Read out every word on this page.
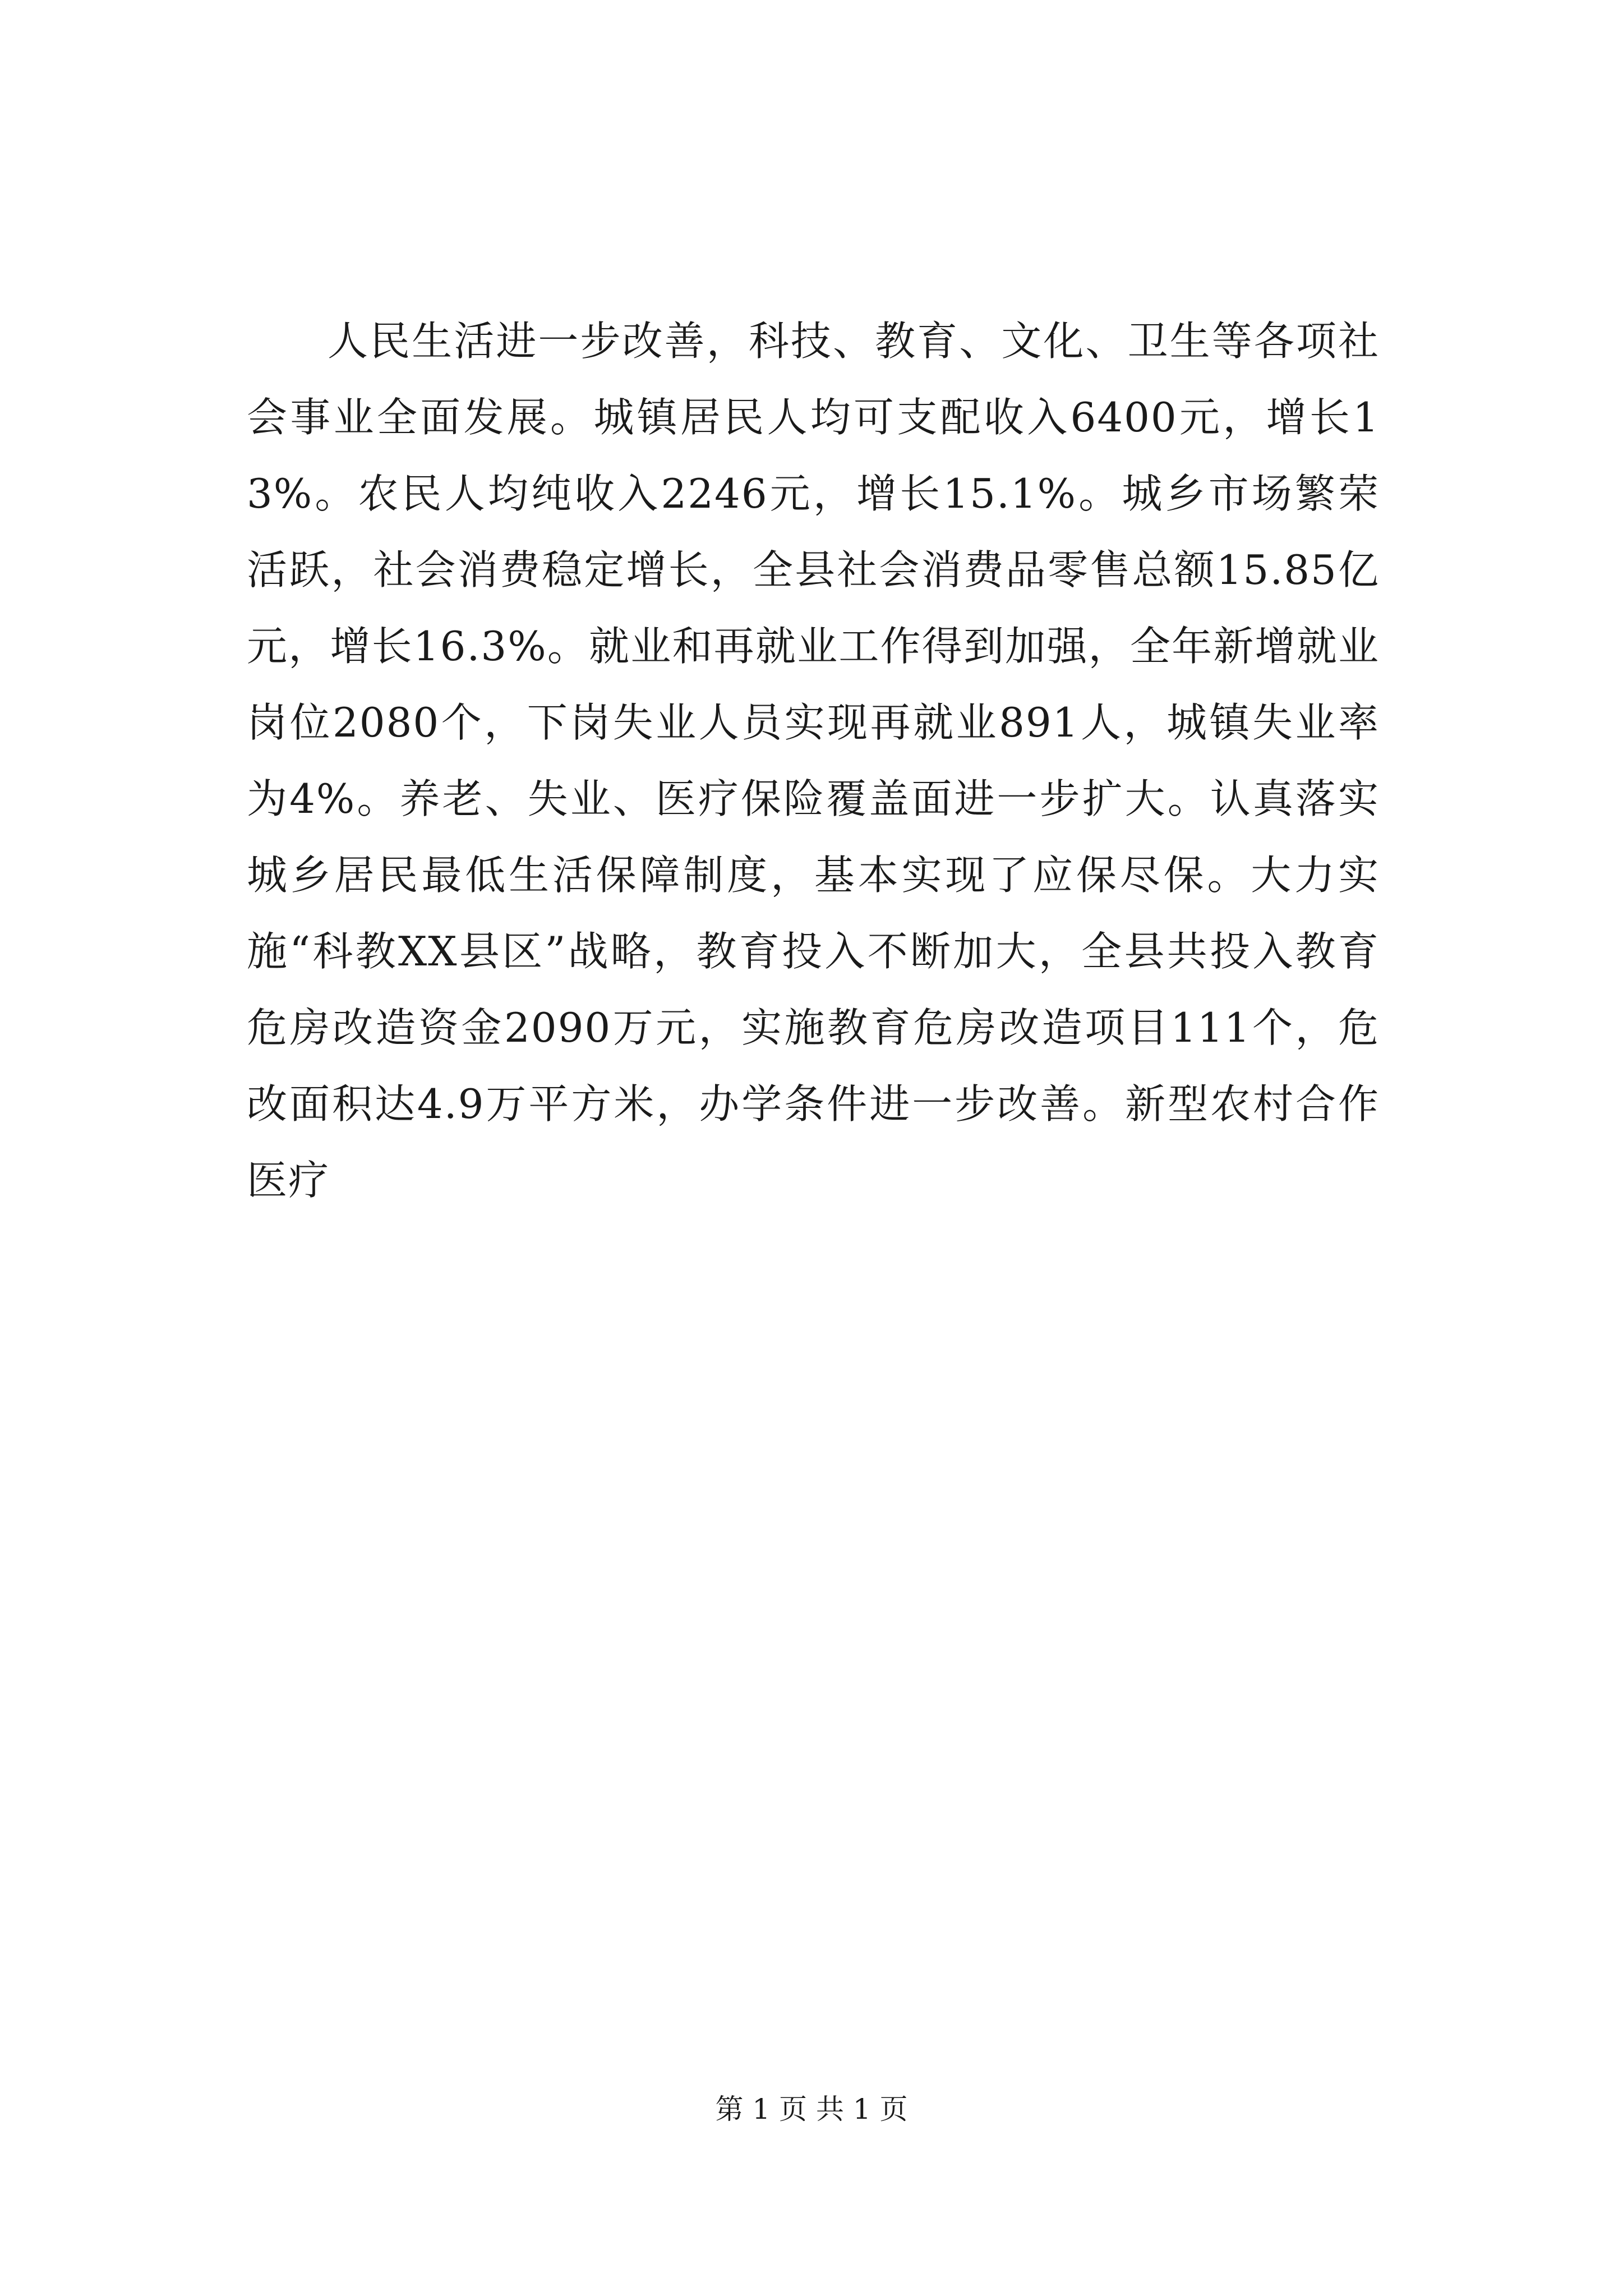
人民生活进一步改善，科技、教育、文化、卫生等各项社会事业全面发展。城镇居民人均可支配收入6400元，增长13%。农民人均纯收入2246元，增长15.1%。城乡市场繁荣活跃，社会消费稳定增长，全县社会消费品零售总额15.85亿元，增长16.3%。就业和再就业工作得到加强，全年新增就业岗位2080个，下岗失业人员实现再就业891人，城镇失业率为4%。养老、失业、医疗保险覆盖面进一步扩大。认真落实城乡居民最低生活保障制度，基本实现了应保尽保。大力实施“科教XX县区”战略，教育投入不断加大，全县共投入教育危房改造资金2090万元，实施教育危房改造项目111个，危改面积达4.9万平方米，办学条件进一步改善。新型农村合作医疗

第 1 页 共 1 页
